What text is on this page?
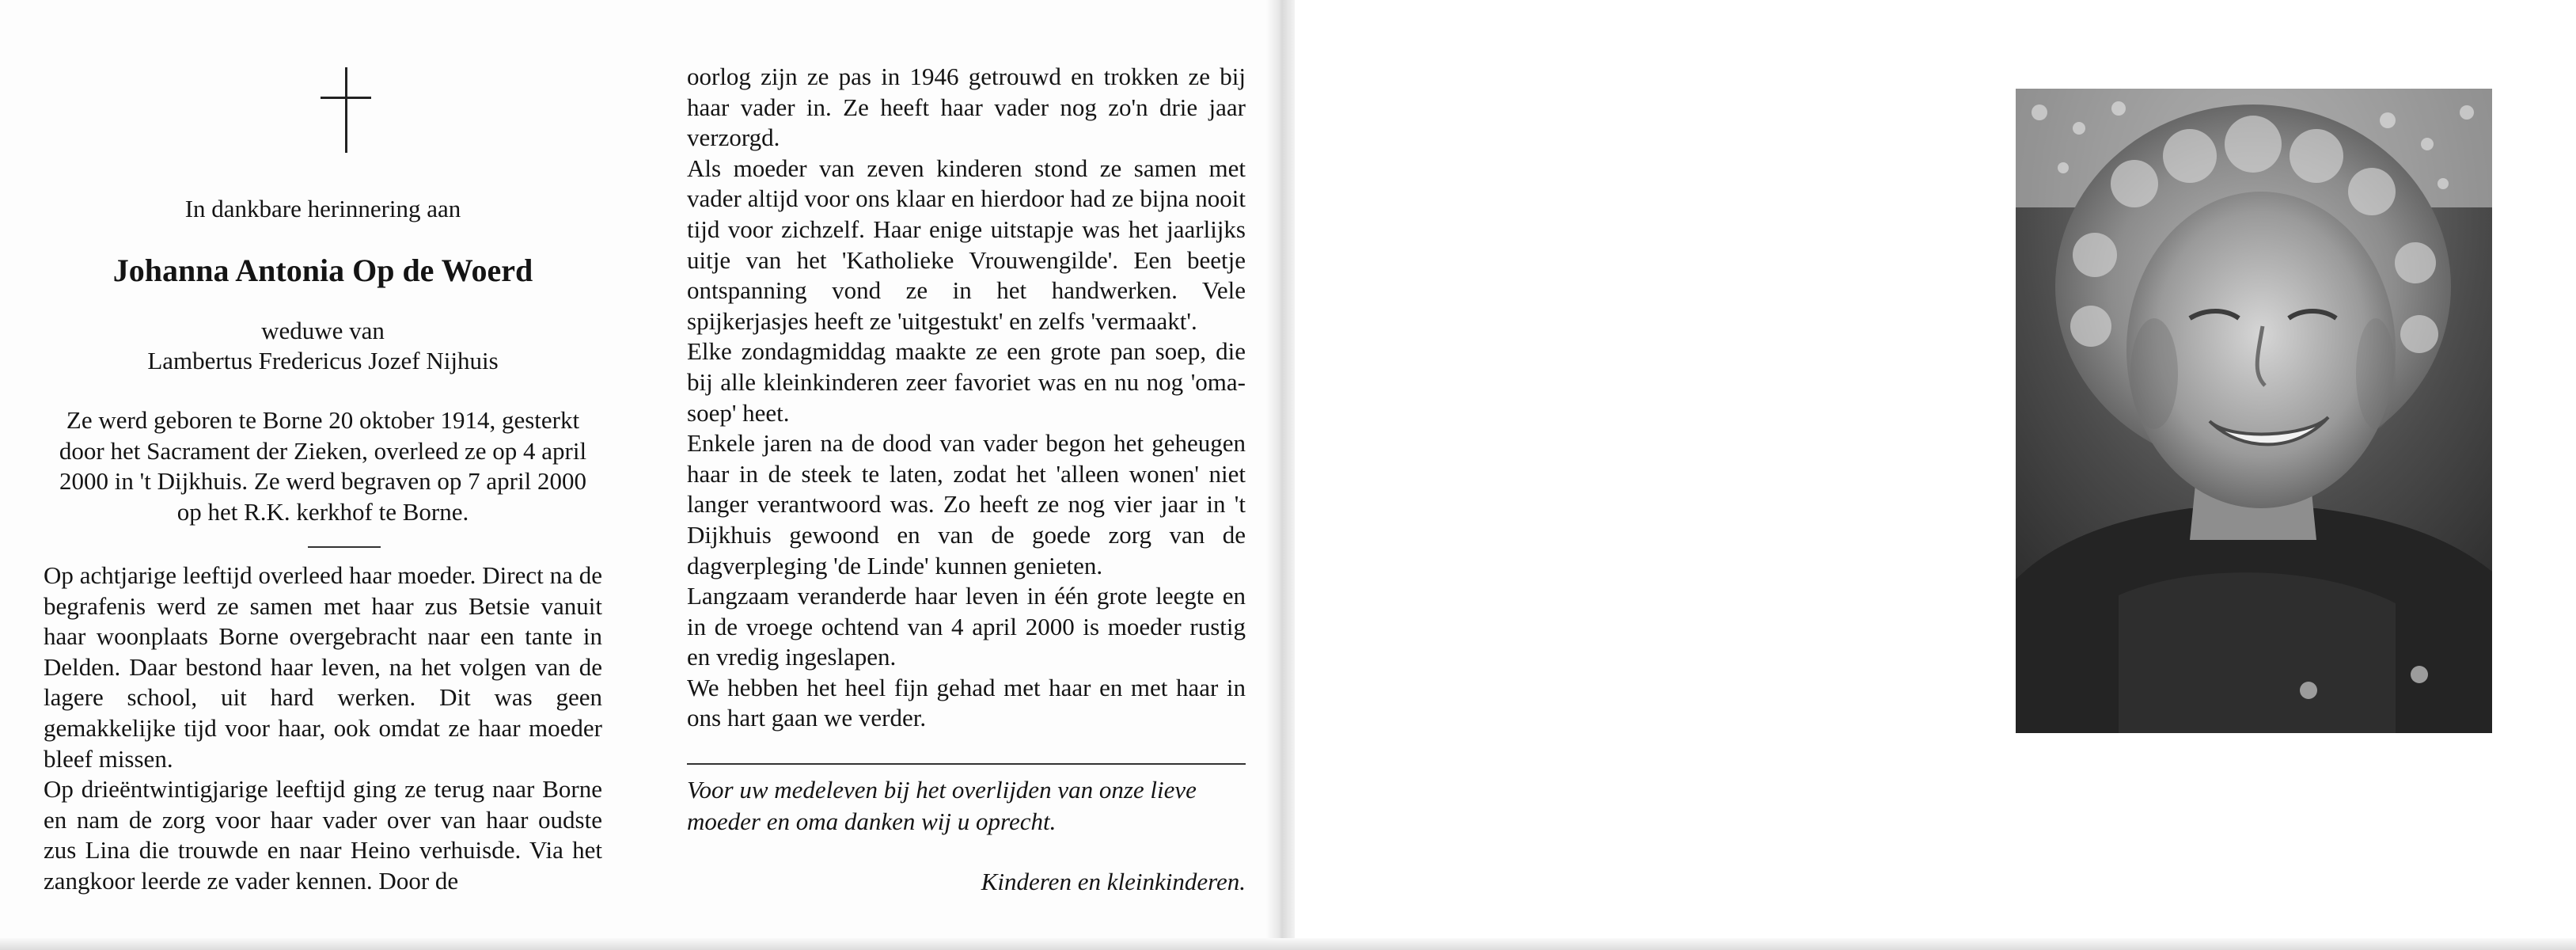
In dankbare herinnering aan
Johanna Antonia Op de Woerd
weduwe van
Lambertus Fredericus Jozef Nijhuis
Ze werd geboren te Borne 20 oktober 1914, gesterkt
door het Sacrament der Zieken, overleed ze op 4 april
2000 in 't Dijkhuis. Ze werd begraven op 7 april 2000
op het R.K. kerkhof te Borne.

Op achtjarige leeftijd overleed haar moeder. Direct na de begrafenis werd ze samen met haar zus Betsie vanuit haar woonplaats Borne overgebracht naar een tante in Delden. Daar bestond haar leven, na het volgen van de lagere school, uit hard werken. Dit was geen gemakkelijke tijd voor haar, ook omdat ze haar moeder bleef missen.

Op drieëntwintigjarige leeftijd ging ze terug naar Borne en nam de zorg voor haar vader over van haar oudste zus Lina die trouwde en naar Heino verhuisde. Via het zangkoor leerde ze vader kennen. Door de

oorlog zijn ze pas in 1946 getrouwd en trokken ze bij haar vader in. Ze heeft haar vader nog zo'n drie jaar verzorgd.

Als moeder van zeven kinderen stond ze samen met vader altijd voor ons klaar en hierdoor had ze bijna nooit tijd voor zichzelf. Haar enige uitstapje was het jaarlijks uitje van het 'Katholieke Vrouwengilde'. Een beetje ontspanning vond ze in het handwerken. Vele spijkerjasjes heeft ze 'uitgestukt' en zelfs 'vermaakt'.

Elke zondagmiddag maakte ze een grote pan soep, die bij alle kleinkinderen zeer favoriet was en nu nog 'oma-soep' heet.

Enkele jaren na de dood van vader begon het geheugen haar in de steek te laten, zodat het 'alleen wonen' niet langer verantwoord was. Zo heeft ze nog vier jaar in 't Dijkhuis gewoond en van de goede zorg van de dagverpleging 'de Linde' kunnen genieten.

Langzaam veranderde haar leven in één grote leegte en in de vroege ochtend van 4 april 2000 is moeder rustig en vredig ingeslapen.

We hebben het heel fijn gehad met haar en met haar in ons hart gaan we verder.

Voor uw medeleven bij het overlijden van onze lieve
moeder en oma danken wij u oprecht.
Kinderen en kleinkinderen.
